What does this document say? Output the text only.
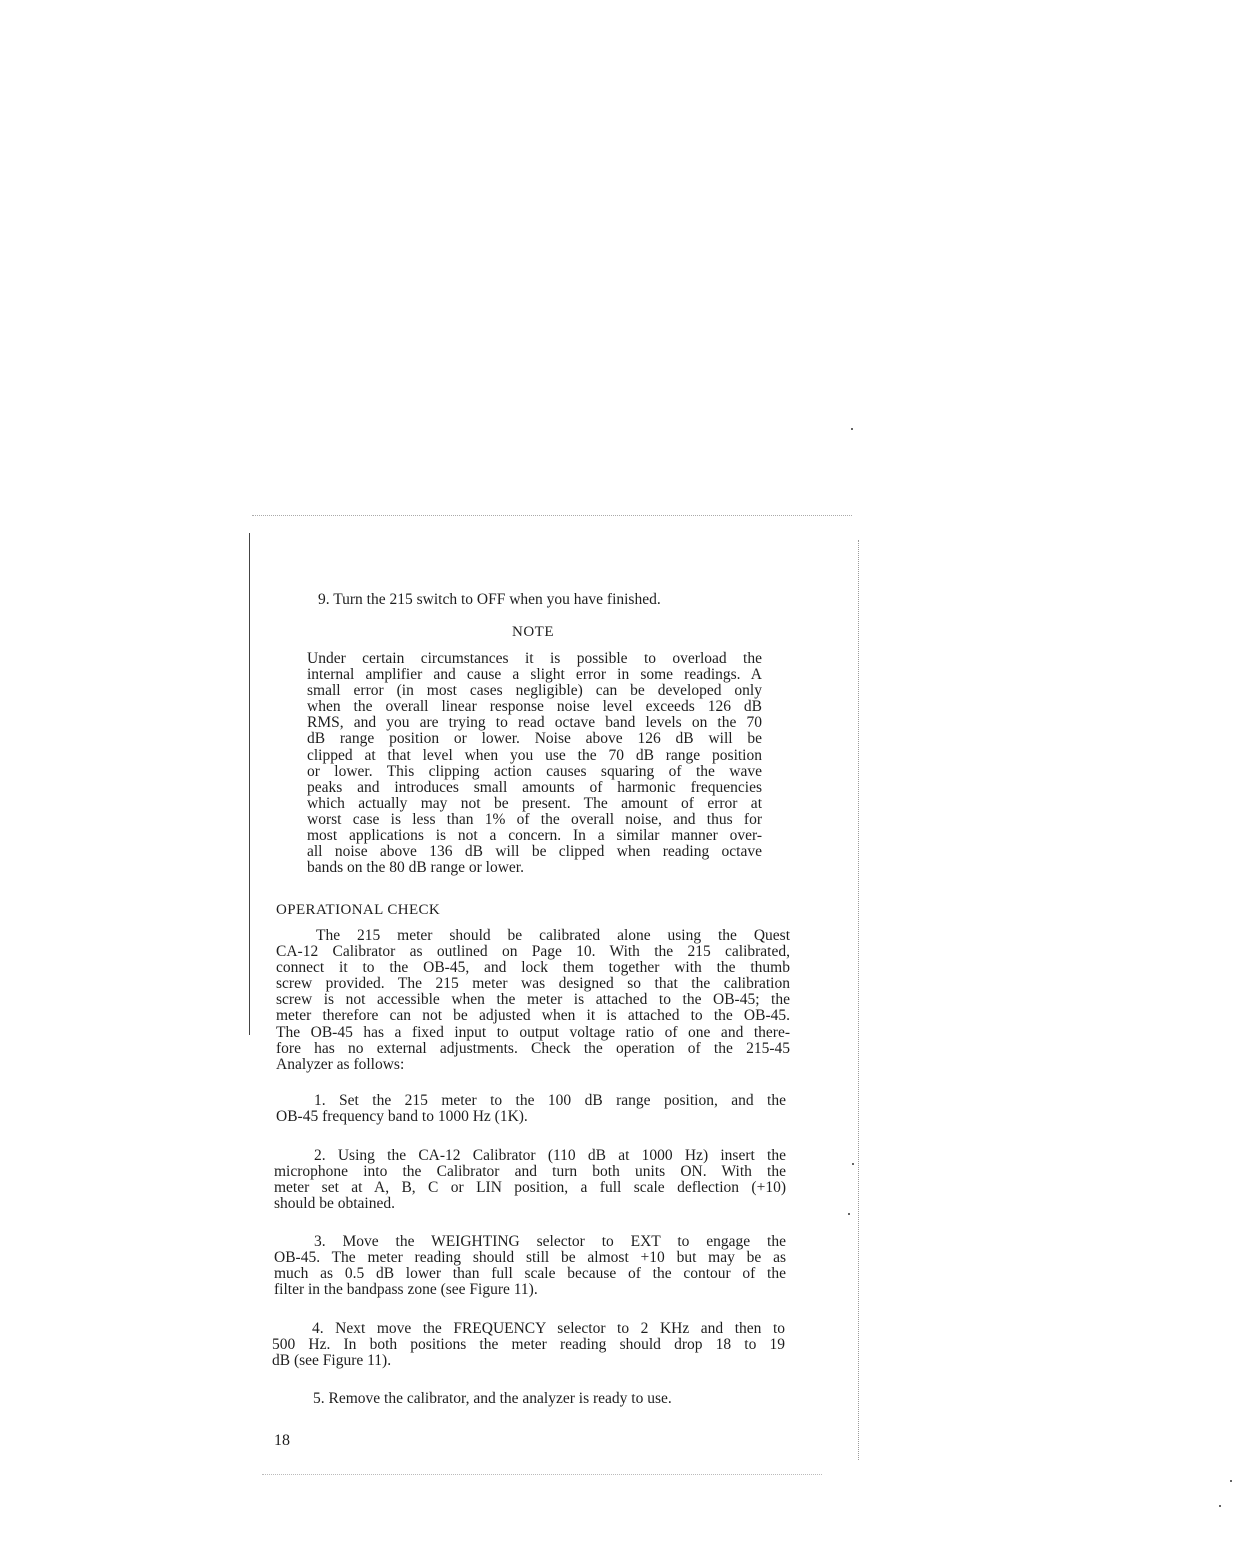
9. Turn the 215 switch to OFF when you have finished.
NOTE
Under certain circumstances it is possible to overload the
internal amplifier and cause a slight error in some readings. A
small error (in most cases negligible) can be developed only
when the overall linear response noise level exceeds 126 dB
RMS, and you are trying to read octave band levels on the 70
dB range position or lower. Noise above 126 dB will be
clipped at that level when you use the 70 dB range position
or lower. This clipping action causes squaring of the wave
peaks and introduces small amounts of harmonic frequencies
which actually may not be present. The amount of error at
worst case is less than 1% of the overall noise, and thus for
most applications is not a concern. In a similar manner over-
all noise above 136 dB will be clipped when reading octave
bands on the 80 dB range or lower.
OPERATIONAL CHECK
The 215 meter should be calibrated alone using the Quest
CA-12 Calibrator as outlined on Page 10. With the 215 calibrated,
connect it to the OB-45, and lock them together with the thumb
screw provided. The 215 meter was designed so that the calibration
screw is not accessible when the meter is attached to the OB-45; the
meter therefore can not be adjusted when it is attached to the OB-45.
The OB-45 has a fixed input to output voltage ratio of one and there-
fore has no external adjustments. Check the operation of the 215-45
Analyzer as follows:
1. Set the 215 meter to the 100 dB range position, and the
OB-45 frequency band to 1000 Hz (1K).
2. Using the CA-12 Calibrator (110 dB at 1000 Hz) insert the
microphone into the Calibrator and turn both units ON. With the
meter set at A, B, C or LIN position, a full scale deflection (+10)
should be obtained.
3. Move the WEIGHTING selector to EXT to engage the
OB-45. The meter reading should still be almost +10 but may be as
much as 0.5 dB lower than full scale because of the contour of the
filter in the bandpass zone (see Figure 11).
4. Next move the FREQUENCY selector to 2 KHz and then to
500 Hz. In both positions the meter reading should drop 18 to 19
dB (see Figure 11).
5. Remove the calibrator, and the analyzer is ready to use.
18
